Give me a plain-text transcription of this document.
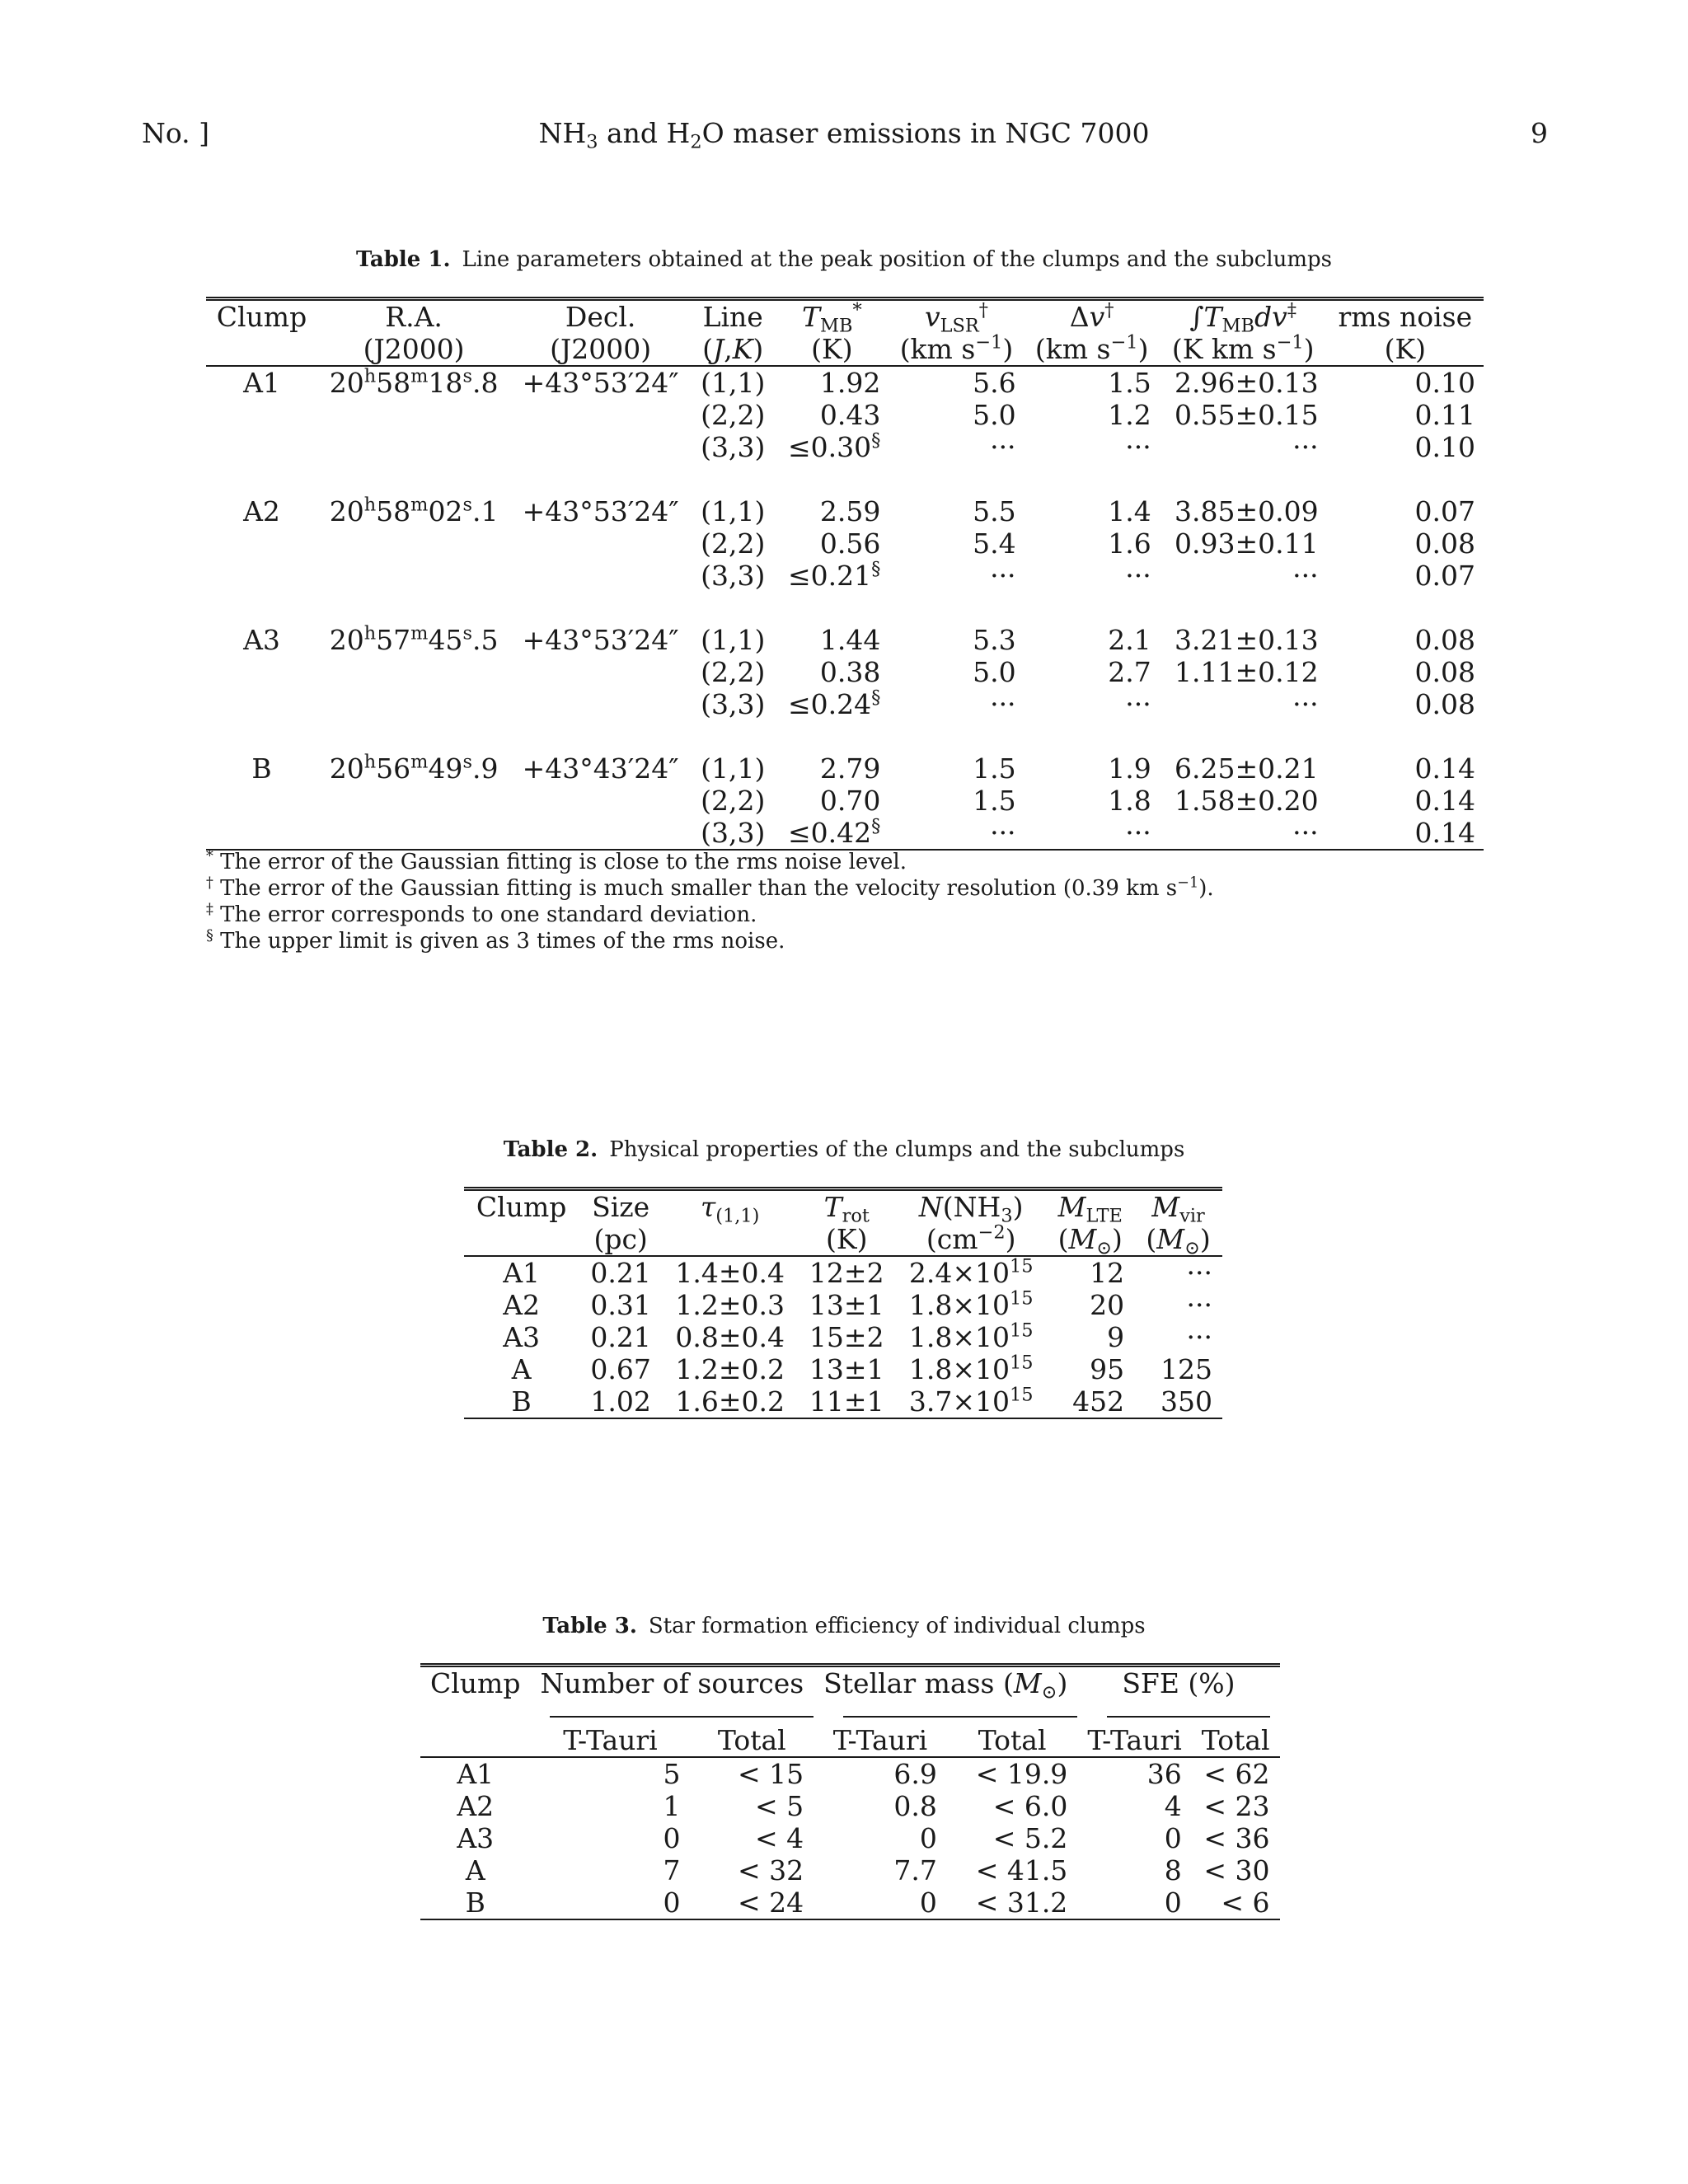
No. ]	$NH_3$ and $H_2O$ maser emissions in NGC 7000	9
Table 1. Line parameters obtained at the peak position of the clumps and the subclumps
Clump	R.A.	Decl.	Line	$T_{MB}^*$	$v_{LSR}^\dagger$	Δv†	$\int T_{MB}dv^\ddagger$	rms noise
	(J2000)	(J2000)	(J,K)	(K)	(km $s^{-1}$)	(km $s^{-1}$)	(K km $s^{-1}$)	(K)
A1	$20^h58^m18^s.8$	+43°53′24″	(1,1)	1.92	5.6	1.5	2.96±0.13	0.10
			(2,2)	0.43	5.0	1.2	0.55±0.15	0.11
			(3,3)	≤0.30§	···	···	···	0.10

A2	$20^h58^m02^s.1$	+43°53′24″	(1,1)	2.59	5.5	1.4	3.85±0.09	0.07
			(2,2)	0.56	5.4	1.6	0.93±0.11	0.08
			(3,3)	≤0.21§	···	···	···	0.07

A3	$20^h57^m45^s.5$	+43°53′24″	(1,1)	1.44	5.3	2.1	3.21±0.13	0.08
			(2,2)	0.38	5.0	2.7	1.11±0.12	0.08
			(3,3)	≤0.24§	···	···	···	0.08

B	$20^h56^m49^s.9$	+43°43′24″	(1,1)	2.79	1.5	1.9	6.25±0.21	0.14
			(2,2)	0.70	1.5	1.8	1.58±0.20	0.14
			(3,3)	≤0.42§	···	···	···	0.14
* The error of the Gaussian fitting is close to the rms noise level.
† The error of the Gaussian fitting is much smaller than the velocity resolution (0.39 km $s^{-1}$).
‡ The error corresponds to one standard deviation.
§ The upper limit is given as 3 times of the rms noise.
Table 2. Physical properties of the clumps and the subclumps
Clump	Size	$\tau_{(1,1)}$	$T_{rot}$	$N(NH_3)$	$M_{LTE}$	$M_{vir}$
	(pc)		(K)	$(cm^{-2})$	$(M_⊙)$	$(M_⊙)$
A1	0.21	1.4±0.4	12±2	$2.4\times 10^{15}$	12	···
A2	0.31	1.2±0.3	13±1	$1.8\times 10^{15}$	20	···
A3	0.21	0.8±0.4	15±2	$1.8\times 10^{15}$	9	···
A	0.67	1.2±0.2	13±1	$1.8\times 10^{15}$	95	125
B	1.02	1.6±0.2	11±1	$3.7\times 10^{15}$	452	350
Table 3. Star formation efficiency of individual clumps
Clump	Number of sources		Stellar mass $(M_⊙)$		SFE (%)	

	T-Tauri	Total	T-Tauri	Total	T-Tauri	Total
A1	5	< 15	6.9	< 19.9	36	< 62
A2	1	< 5	0.8	< 6.0	4	< 23
A3	0	< 4	0	< 5.2	0	< 36
A	7	< 32	7.7	< 41.5	8	< 30
B	0	< 24	0	< 31.2	0	< 6
